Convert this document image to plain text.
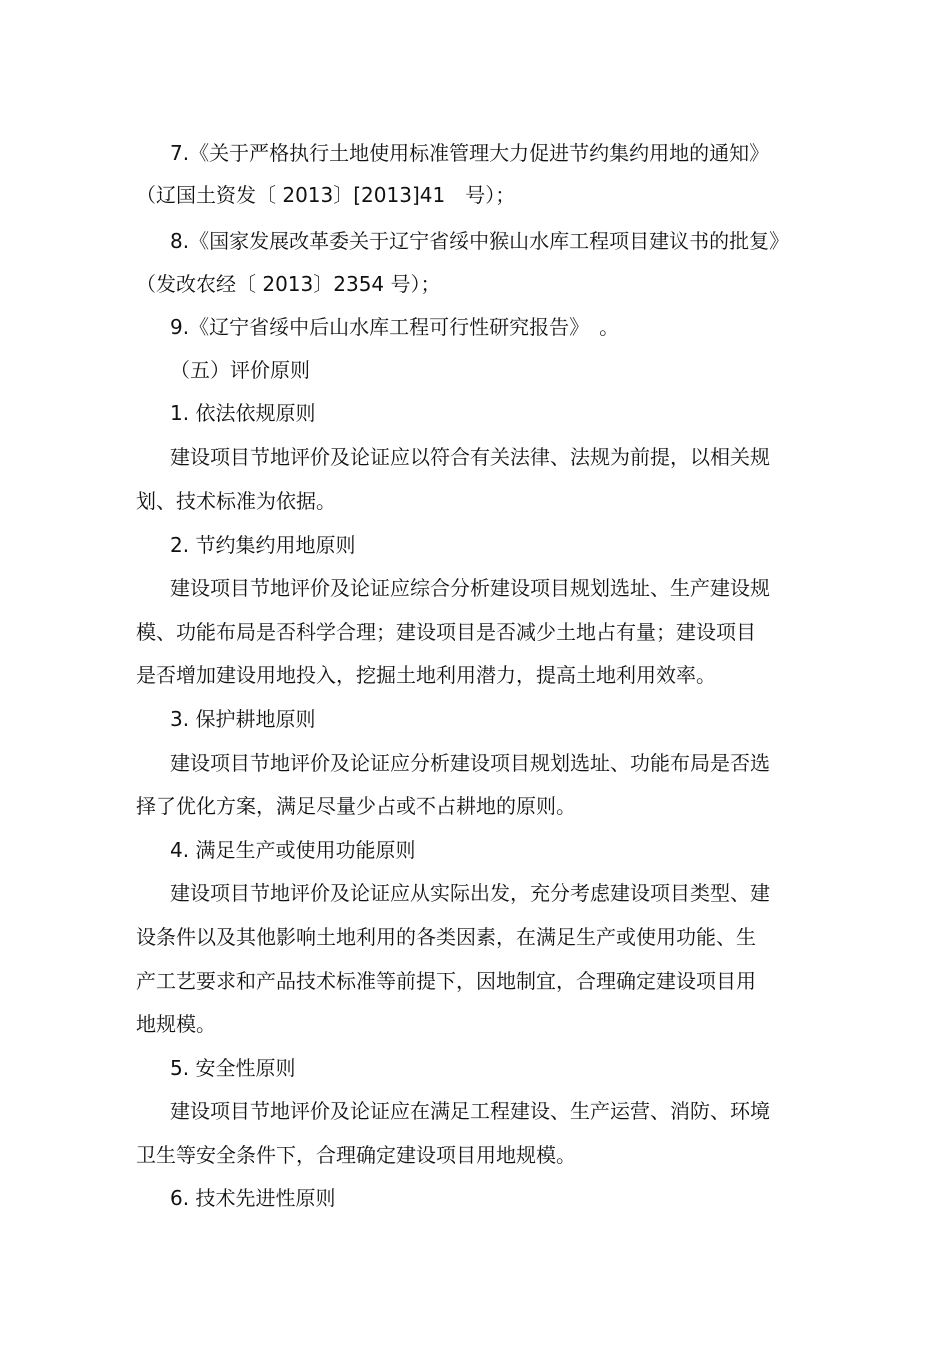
7.《关于严格执行土地使用标准管理大力促进节约集约用地的通知》
（辽国土资发〔 2013〕[2013]41　号）；
8.《国家发展改革委关于辽宁省绥中猴山水库工程项目建议书的批复》
（发改农经〔 2013〕2354 号）；
9.《辽宁省绥中后山水库工程可行性研究报告》　。
（五）评价原则
1. 依法依规原则
建设项目节地评价及论证应以符合有关法律、法规为前提，以相关规
划、技术标准为依据。
2. 节约集约用地原则
建设项目节地评价及论证应综合分析建设项目规划选址、生产建设规
模、功能布局是否科学合理；建设项目是否减少土地占有量；建设项目
是否增加建设用地投入，挖掘土地利用潜力，提高土地利用效率。
3. 保护耕地原则
建设项目节地评价及论证应分析建设项目规划选址、功能布局是否选
择了优化方案，满足尽量少占或不占耕地的原则。
4. 满足生产或使用功能原则
建设项目节地评价及论证应从实际出发，充分考虑建设项目类型、建
设条件以及其他影响土地利用的各类因素，在满足生产或使用功能、生
产工艺要求和产品技术标准等前提下，因地制宜，合理确定建设项目用
地规模。
5. 安全性原则
建设项目节地评价及论证应在满足工程建设、生产运营、消防、环境
卫生等安全条件下，合理确定建设项目用地规模。
6. 技术先进性原则
